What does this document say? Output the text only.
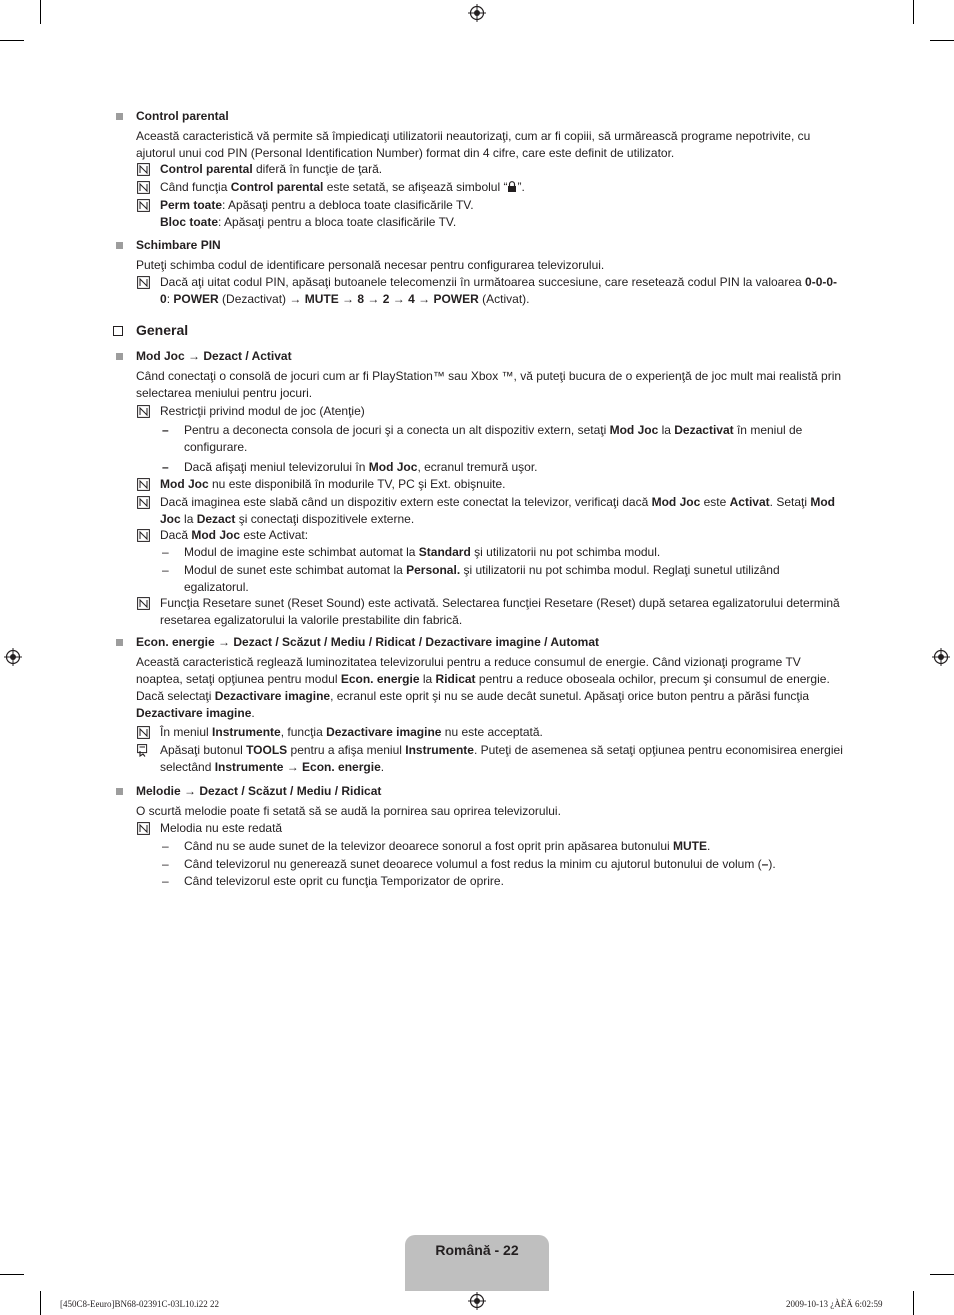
Control parental
Această caracteristică vă permite să împiedicaţi utilizatorii neautorizaţi, cum ar fi copiii, să urmărească programe nepotrivite, cu ajutorul unui cod PIN (Personal Identification Number) format din 4 cifre, care este definit de utilizator.
Control parental diferă în funcţie de ţară.
Când funcţia Control parental este setată, se afişează simbolul “ ”.
Perm toate: Apăsaţi pentru a debloca toate clasificările TV.
Bloc toate: Apăsaţi pentru a bloca toate clasificările TV.
Schimbare PIN
Puteţi schimba codul de identificare personală necesar pentru configurarea televizorului.
Dacă aţi uitat codul PIN, apăsaţi butoanele telecomenzii în următoarea succesiune, care resetează codul PIN la valoarea 0-0-0-0: POWER (Dezactivat) → MUTE → 8 → 2 → 4 → POWER (Activat).
General
Mod Joc → Dezact / Activat
Când conectaţi o consolă de jocuri cum ar fi PlayStation™ sau Xbox ™, vă puteţi bucura de o experienţă de joc mult mai realistă prin selectarea meniului pentru jocuri.
Restricţii privind modul de joc (Atenţie)
– Pentru a deconecta consola de jocuri şi a conecta un alt dispozitiv extern, setaţi Mod Joc la Dezactivat în meniul de configurare.
– Dacă afişaţi meniul televizorului în Mod Joc, ecranul tremură uşor.
Mod Joc nu este disponibilă în modurile TV, PC şi Ext. obişnuite.
Dacă imaginea este slabă când un dispozitiv extern este conectat la televizor, verificaţi dacă Mod Joc este Activat. Setaţi Mod Joc la Dezact şi conectaţi dispozitivele externe.
Dacă Mod Joc este Activat:
– Modul de imagine este schimbat automat la Standard şi utilizatorii nu pot schimba modul.
– Modul de sunet este schimbat automat la Personal. şi utilizatorii nu pot schimba modul. Reglaţi sunetul utilizând egalizatorul.
Funcţia Resetare sunet (Reset Sound) este activată. Selectarea funcţiei Resetare (Reset) după setarea egalizatorului determină resetarea egalizatorului la valorile prestabilite din fabrică.
Econ. energie → Dezact / Scăzut / Mediu / Ridicat / Dezactivare imagine / Automat
Această caracteristică reglează luminozitatea televizorului pentru a reduce consumul de energie. Când vizionaţi programe TV noaptea, setaţi opţiunea pentru modul Econ. energie la Ridicat pentru a reduce oboseala ochilor, precum şi consumul de energie.
Dacă selectaţi Dezactivare imagine, ecranul este oprit şi nu se aude decât sunetul. Apăsaţi orice buton pentru a părăsi funcţia Dezactivare imagine.
În meniul Instrumente, funcţia Dezactivare imagine nu este acceptată.
Apăsaţi butonul TOOLS pentru a afişa meniul Instrumente. Puteţi de asemenea să setaţi opţiunea pentru economisirea energiei selectând Instrumente → Econ. energie.
Melodie → Dezact / Scăzut / Mediu / Ridicat
O scurtă melodie poate fi setată să se audă la pornirea sau oprirea televizorului.
Melodia nu este redată
– Când nu se aude sunet de la televizor deoarece sonorul a fost oprit prin apăsarea butonului MUTE.
– Când televizorul nu generează sunet deoarece volumul a fost redus la minim cu ajutorul butonului de volum (–).
– Când televizorul este oprit cu funcţia Temporizator de oprire.
Română - 22
[450C8-Eeuro]BN68-02391C-03L10.i22 22	2009-10-13 ¿ÀÈÄ 6:02:59
